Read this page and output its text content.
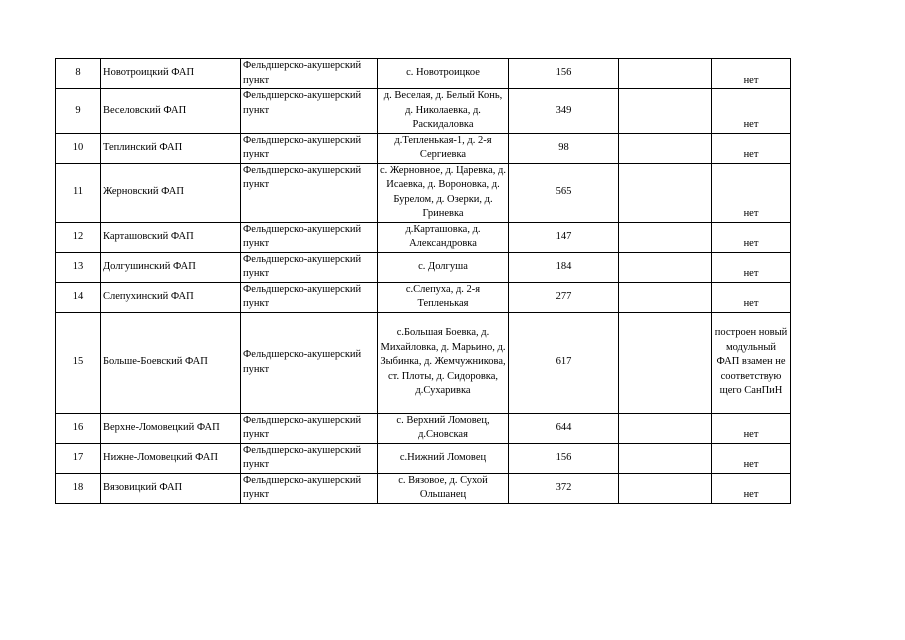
8	Новотроицкий ФАП	Фельдшерско-акушерский пункт	с. Новотроицкое	156		нет
9	Веселовский ФАП	Фельдшерско-акушерский пункт	д. Веселая, д. Белый Конь, д. Николаевка, д. Раскидаловка	349		нет
10	Теплинский ФАП	Фельдшерско-акушерский пункт	д.Тепленькая-1, д. 2-я Сергиевка	98		нет
11	Жерновский ФАП	Фельдшерско-акушерский пункт	с. Жерновное, д. Царевка, д. Исаевка, д. Вороновка, д. Бурелом, д. Озерки, д. Гриневка	565		нет
12	Карташовский ФАП	Фельдшерско-акушерский пункт	д.Карташовка, д. Александровка	147		нет
13	Долгушинский ФАП	Фельдшерско-акушерский пункт	с. Долгуша	184		нет
14	Слепухинский ФАП	Фельдшерско-акушерский пункт	с.Слепуха, д. 2-я Тепленькая	277		нет
15	Больше-Боевский ФАП	Фельдшерско-акушерский пункт	с.Большая Боевка, д. Михайловка, д. Марьино, д. Зыбинка, д. Жемчужникова, ст. Плоты, д. Сидоровка, д.Сухаривка	617		построен новый модульный ФАП взамен не соответствую щего СанПиН
16	Верхне-Ломовецкий ФАП	Фельдшерско-акушерский пункт	с. Верхний Ломовец, д.Сновская	644		нет
17	Нижне-Ломовецкий ФАП	Фельдшерско-акушерский пункт	с.Нижний Ломовец	156		нет
18	Вязовицкий ФАП	Фельдшерско-акушерский пункт	с. Вязовое, д. Сухой Ольшанец	372		нет
